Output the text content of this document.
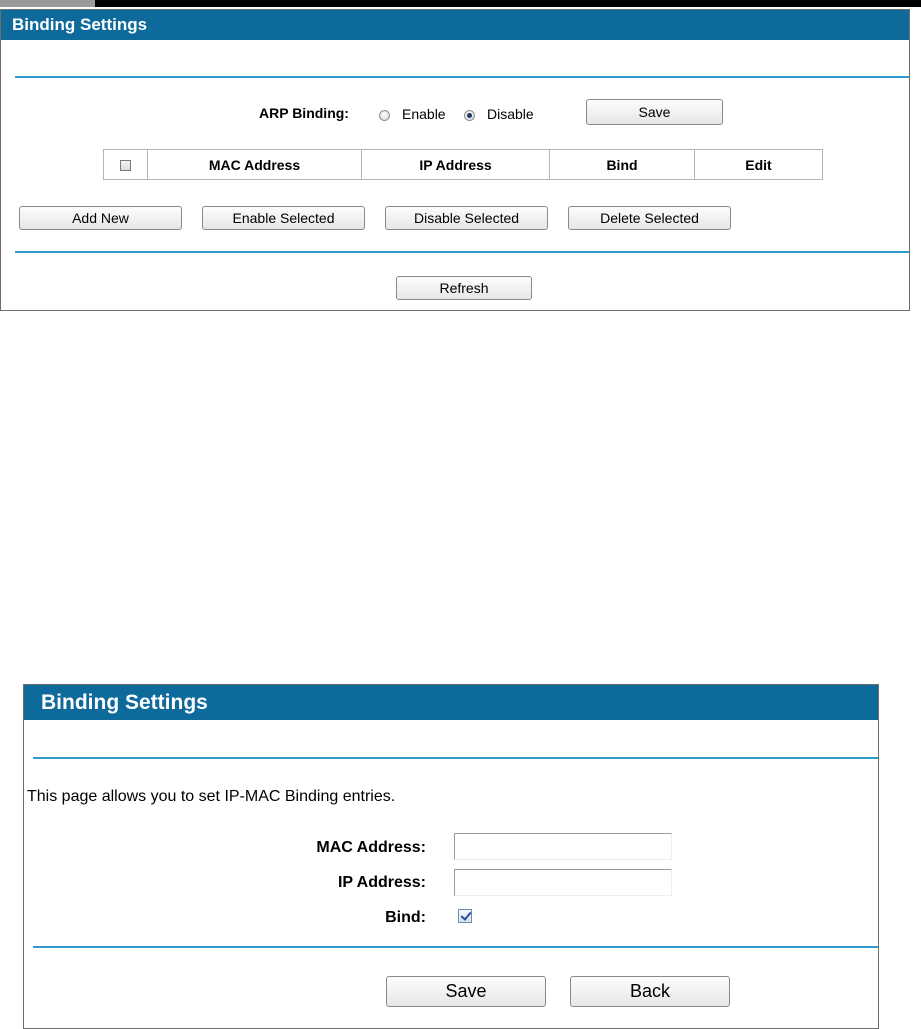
Binding Settings
ARP Binding:	Enable	Disable	Save
	MAC Address	IP Address	Bind	Edit
Add New	Enable Selected	Disable Selected	Delete Selected
Refresh
Binding Settings
This page allows you to set IP-MAC Binding entries.
MAC Address:
IP Address:
Bind:
Save	Back
